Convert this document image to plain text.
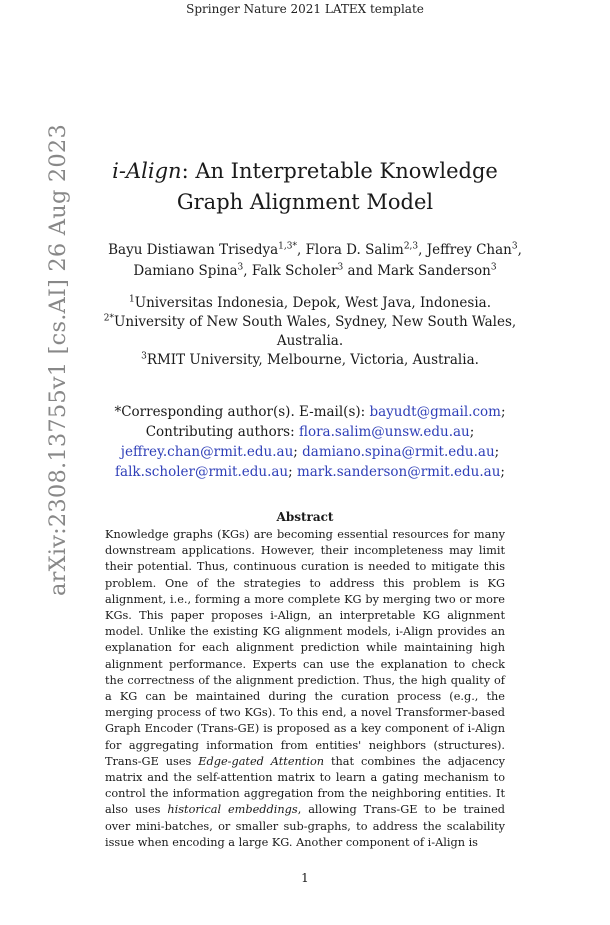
Springer Nature 2021 LATEX template
arXiv:2308.13755v1 [cs.AI] 26 Aug 2023	i-Align: An Interpretable Knowledge Graph Alignment Model
Bayu Distiawan Trisedya$^{1,3*}$, Flora D. Salim$^{2,3}$, Jeffrey Chan$^3$, Damiano Spina$^3$, Falk Scholer$^3$ and Mark Sanderson$^3$
$^1$Universitas Indonesia, Depok, West Java, Indonesia.
$^{2*}$University of New South Wales, Sydney, New South Wales, Australia.
$^3$RMIT University, Melbourne, Victoria, Australia.
*Corresponding author(s). E-mail(s): bayudt@gmail.com; Contributing authors: flora.salim@unsw.edu.au; jeffrey.chan@rmit.edu.au; damiano.spina@rmit.edu.au; falk.scholer@rmit.edu.au; mark.sanderson@rmit.edu.au;
Abstract
Knowledge graphs (KGs) are becoming essential resources for many downstream applications. However, their incompleteness may limit their potential. Thus, continuous curation is needed to mitigate this problem. One of the strategies to address this problem is KG alignment, i.e., forming a more complete KG by merging two or more KGs. This paper proposes i-Align, an interpretable KG alignment model. Unlike the existing KG alignment models, i-Align provides an explanation for each alignment prediction while maintaining high alignment performance. Experts can use the explanation to check the correctness of the alignment prediction. Thus, the high quality of a KG can be maintained during the curation process (e.g., the merging process of two KGs). To this end, a novel Transformer-based Graph Encoder (Trans-GE) is proposed as a key component of i-Align for aggregating information from entities' neighbors (structures). Trans-GE uses Edge-gated Attention that combines the adjacency matrix and the self-attention matrix to learn a gating mechanism to control the information aggregation from the neighboring entities. It also uses historical embeddings, allowing Trans-GE to be trained over mini-batches, or smaller sub-graphs, to address the scalability issue when encoding a large KG. Another component of i-Align is
1
